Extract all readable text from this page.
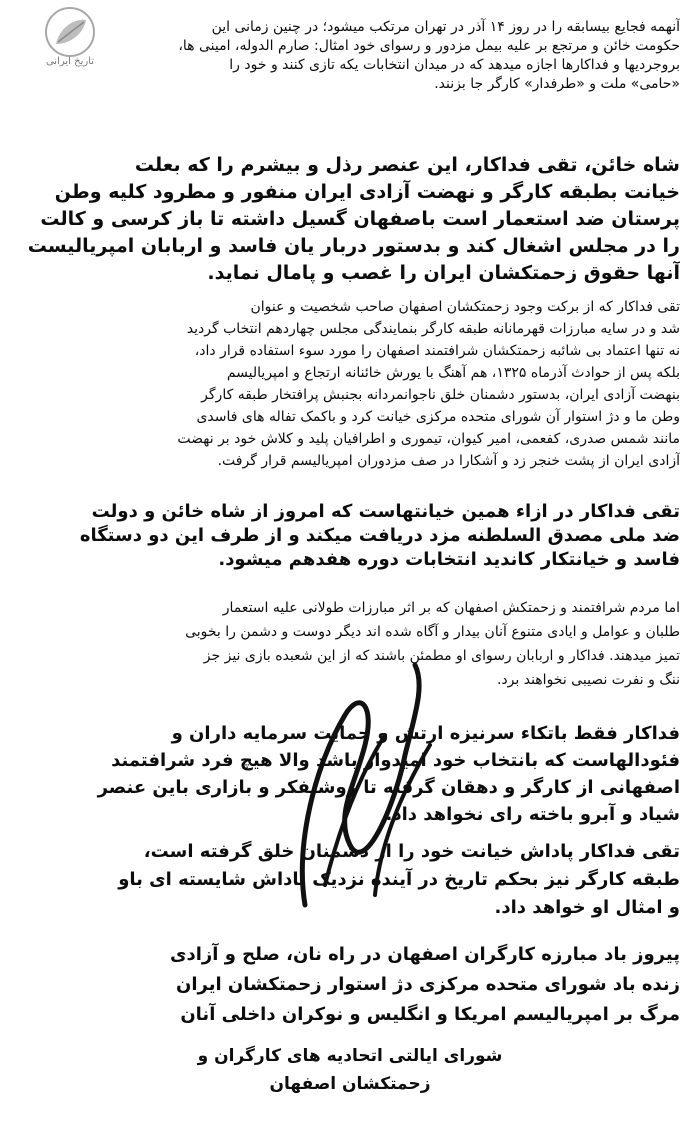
تاریخ ایرانی
آنهمه فجایع بیسابقه را در روز ۱۴ آذر در تهران مرتکب میشود؛ در چنین زمانی این
حکومت خائن و مرتجع بر علیه بیمل مزدور و رسوای خود امثال: صارم الدوله، امینی ها،
بروجردیها و فداکارها اجازه میدهد که در میدان انتخابات یکه تازی کنند و خود را
«حامی» ملت و «طرفدار» کارگر جا بزنند.
شاه خائن، تقی فداکار، این عنصر رذل و بیشرم را که بعلت
خیانت بطبقه کارگر و نهضت آزادی ایران منفور و مطرود کلیه وطن
پرستان ضد استعمار است باصفهان گسیل داشته تا باز کرسی و کالت
را در مجلس اشغال کند و بدستور دربار یان فاسد و اربابان امپریالیست
آنها حقوق زحمتکشان ایران را غصب و پامال نماید.
تقی فداکار که از برکت وجود زحمتکشان اصفهان صاحب شخصیت و عنوان
شد و در سایه مبارزات قهرمانانه طبقه کارگر بنمایندگی مجلس چهاردهم انتخاب گردید
نه تنها اعتماد بی شائبه زحمتکشان شرافتمند اصفهان را مورد سوء استفاده قرار داد،
بلکه پس از حوادث آذرماه ۱۳۲۵، هم آهنگ با یورش خائنانه ارتجاع و امپریالیسم
بنهضت آزادی ایران، بدستور دشمنان خلق ناجوانمردانه بجنبش پرافتخار طبقه کارگر
وطن ما و دژ استوار آن شورای متحده مرکزی خیانت کرد و باکمک تفاله های فاسدی
مانند شمس صدری، کفعمی، امیر کیوان، تیموری و اطرافیان پلید و کلاش خود بر نهضت
آزادی ایران از پشت خنجر زد و آشکارا در صف مزدوران امپریالیسم قرار گرفت.
تقی فداکار در ازاء همین خیانتهاست که امروز از شاه خائن و دولت
ضد ملی مصدق السلطنه مزد دریافت میکند و از طرف این دو دستگاه
فاسد و خیانتکار کاندید انتخابات دوره هفدهم میشود.
اما مردم شرافتمند و زحمتکش اصفهان که بر اثر مبارزات طولانی علیه استعمار
طلبان و عوامل و ایادی متنوع آنان بیدار و آگاه شده اند دیگر دوست و دشمن را بخوبی
تمیز میدهند. فداکار و اربابان رسوای او مطمئن باشند که از این شعبده بازی نیز جز
ننگ و نفرت نصیبی نخواهند برد.
فداکار فقط باتکاء سرنیزه ارتش و حمایت سرمایه داران و
فئودالهاست که بانتخاب خود امیدوار باشد والا هیچ فرد شرافتمند
اصفهانی از کارگر و دهقان گرفته تا روشنفکر و بازاری باین عنصر
شیاد و آبرو باخته رای نخواهد داد.
تقی فداکار پاداش خیانت خود را از دشمنان خلق گرفته است،
طبقه کارگر نیز بحکم تاریخ در آینده نزدیک پاداش شایسته ای باو
و امثال او خواهد داد.
پیروز باد مبارزه کارگران اصفهان در راه نان، صلح و آزادی
زنده باد شورای متحده مرکزی دژ استوار زحمتکشان ایران
مرگ بر امپریالیسم امریکا و انگلیس و نوکران داخلی آنان
شورای ایالتی اتحادیه های کارگران و
زحمتکشان اصفهان
